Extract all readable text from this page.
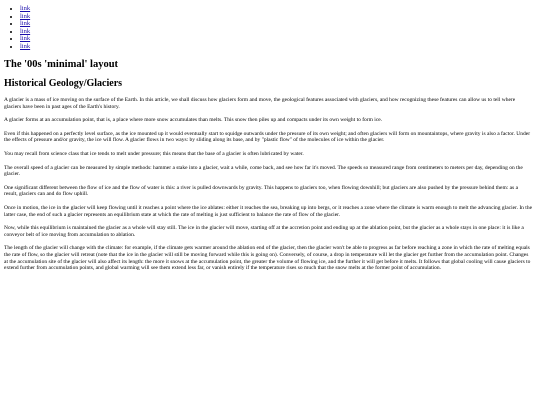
• link
• link
• link
• link
• link
• link
The '00s 'minimal' layout
Historical Geology/Glaciers

A glacier is a mass of ice moving on the surface of the Earth. In this article, we shall discuss how glaciers form and move, the geological features associated with glaciers, and how recognizing these features can allow us to tell where glaciers have been in past ages of the Earth's history.

A glacier forms at an accumulation point, that is, a place where more snow accumulates than melts. This snow then piles up and compacts under its own weight to form ice.

Even if this happened on a perfectly level surface, as the ice mounted up it would eventually start to squidge outwards under the pressure of its own weight; and often glaciers will form on mountaintops, where gravity is also a factor. Under the effects of pressure and/or gravity, the ice will flow. A glacier flows in two ways: by sliding along its base, and by "plastic flow" of the molecules of ice within the glacier.

You may recall from science class that ice tends to melt under pressure; this means that the base of a glacier is often lubricated by water.

The overall speed of a glacier can be measured by simple methods: hammer a stake into a glacier, wait a while, come back, and see how far it's moved. The speeds so measured range from centimeters to meters per day, depending on the glacier.

One significant different between the flow of ice and the flow of water is this: a river is pulled downwards by gravity. This happens to glaciers too, when flowing downhill; but glaciers are also pushed by the pressure behind them: as a result, glaciers can and do flow uphill.

Once in motion, the ice in the glacier will keep flowing until it reaches a point where the ice ablates: either it reaches the sea, breaking up into bergs, or it reaches a zone where the climate is warm enough to melt the advancing glacier. In the latter case, the end of such a glacier represents an equilibrium state at which the rate of melting is just sufficient to balance the rate of flow of the glacier.

Now, while this equilibrium is maintained the glacier as a whole will stay still. The ice in the glacier will move, starting off at the accretion point and ending up at the ablation point, but the glacier as a whole stays in one place: it is like a conveyor belt of ice moving from accumulation to ablation.

The length of the glacier will change with the climate: for example, if the climate gets warmer around the ablation end of the glacier, then the glacier won't be able to progress as far before reaching a zone in which the rate of melting equals the rate of flow, so the glacier will retreat (note that the ice in the glacier will still be moving forward while this is going on). Conversely, of course, a drop in temperature will let the glacier get further from the accumulation point. Changes at the accumulation site of the glacier will also affect its length: the more it snows at the accumulation point, the greater the volume of flowing ice, and the further it will get before it melts. It follows that global cooling will cause glaciers to extend further from accumulation points, and global warming will see them extend less far, or vanish entirely if the temperature rises so much that the snow melts at the former point of accumulation.
